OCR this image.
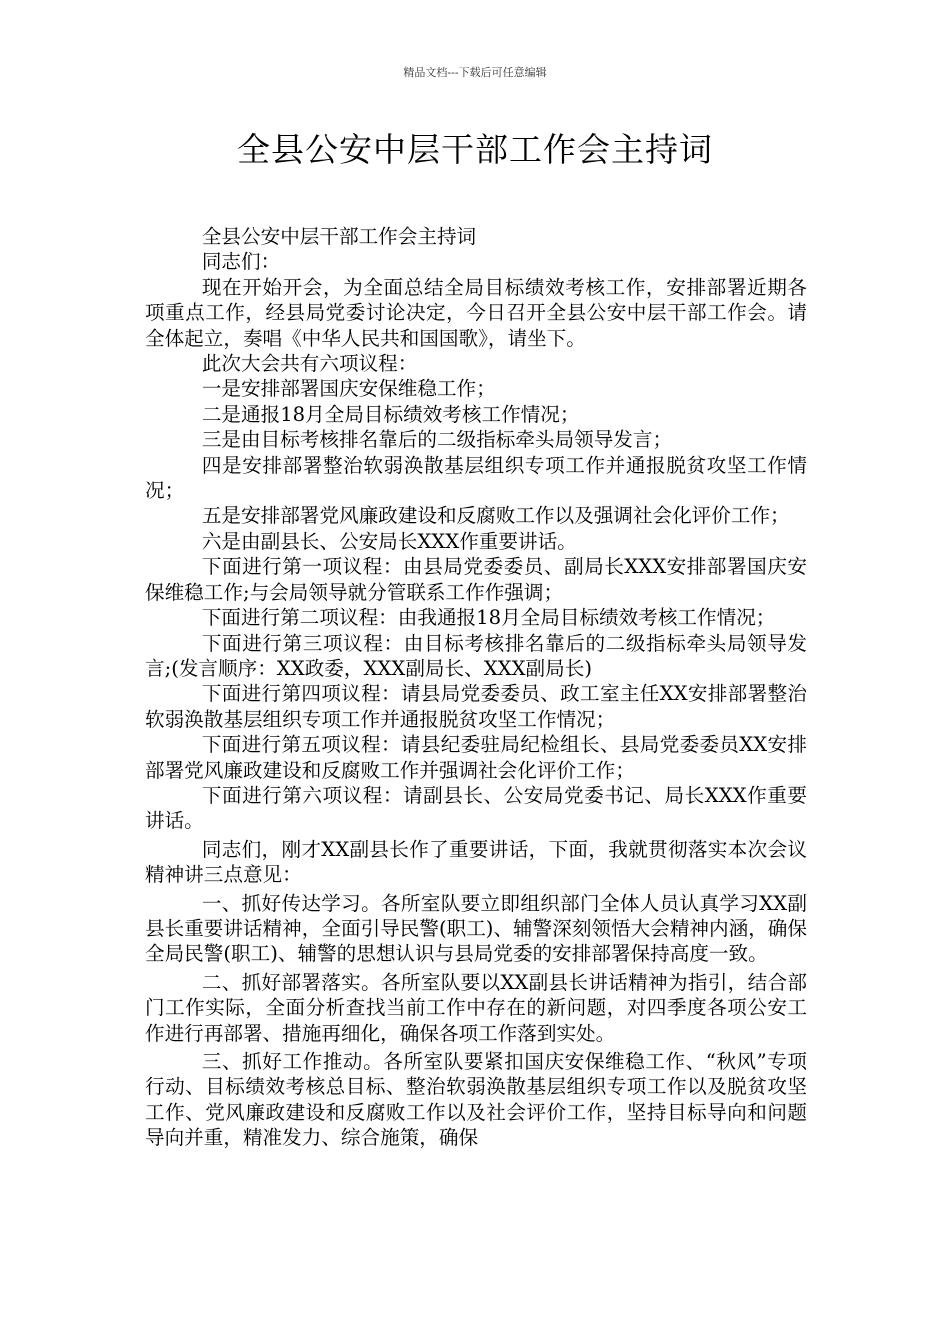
精品文档---下载后可任意编辑
全县公安中层干部工作会主持词

全县公安中层干部工作会主持词

同志们：

现在开始开会，为全面总结全局目标绩效考核工作，安排部署近期各项重点工作，经县局党委讨论决定，今日召开全县公安中层干部工作会。请全体起立，奏唱《中华人民共和国国歌》，请坐下。

此次大会共有六项议程：

一是安排部署国庆安保维稳工作；

二是通报18月全局目标绩效考核工作情况；

三是由目标考核排名靠后的二级指标牵头局领导发言；

四是安排部署整治软弱涣散基层组织专项工作并通报脱贫攻坚工作情况；

五是安排部署党风廉政建设和反腐败工作以及强调社会化评价工作；

六是由副县长、公安局长XXX作重要讲话。

下面进行第一项议程：由县局党委委员、副局长XXX安排部署国庆安保维稳工作;与会局领导就分管联系工作作强调；

下面进行第二项议程：由我通报18月全局目标绩效考核工作情况；

下面进行第三项议程：由目标考核排名靠后的二级指标牵头局领导发言;(发言顺序：XX政委，XXX副局长、XXX副局长)

下面进行第四项议程：请县局党委委员、政工室主任XX安排部署整治软弱涣散基层组织专项工作并通报脱贫攻坚工作情况；

下面进行第五项议程：请县纪委驻局纪检组长、县局党委委员XX安排部署党风廉政建设和反腐败工作并强调社会化评价工作；

下面进行第六项议程：请副县长、公安局党委书记、局长XXX作重要讲话。

同志们，刚才XX副县长作了重要讲话，下面，我就贯彻落实本次会议精神讲三点意见：

一、抓好传达学习。各所室队要立即组织部门全体人员认真学习XX副县长重要讲话精神，全面引导民警(职工)、辅警深刻领悟大会精神内涵，确保全局民警(职工)、辅警的思想认识与县局党委的安排部署保持高度一致。

二、抓好部署落实。各所室队要以XX副县长讲话精神为指引，结合部门工作实际，全面分析查找当前工作中存在的新问题，对四季度各项公安工作进行再部署、措施再细化，确保各项工作落到实处。

三、抓好工作推动。各所室队要紧扣国庆安保维稳工作、“秋风”专项行动、目标绩效考核总目标、整治软弱涣散基层组织专项工作以及脱贫攻坚工作、党风廉政建设和反腐败工作以及社会评价工作，坚持目标导向和问题导向并重，精准发力、综合施策，确保
